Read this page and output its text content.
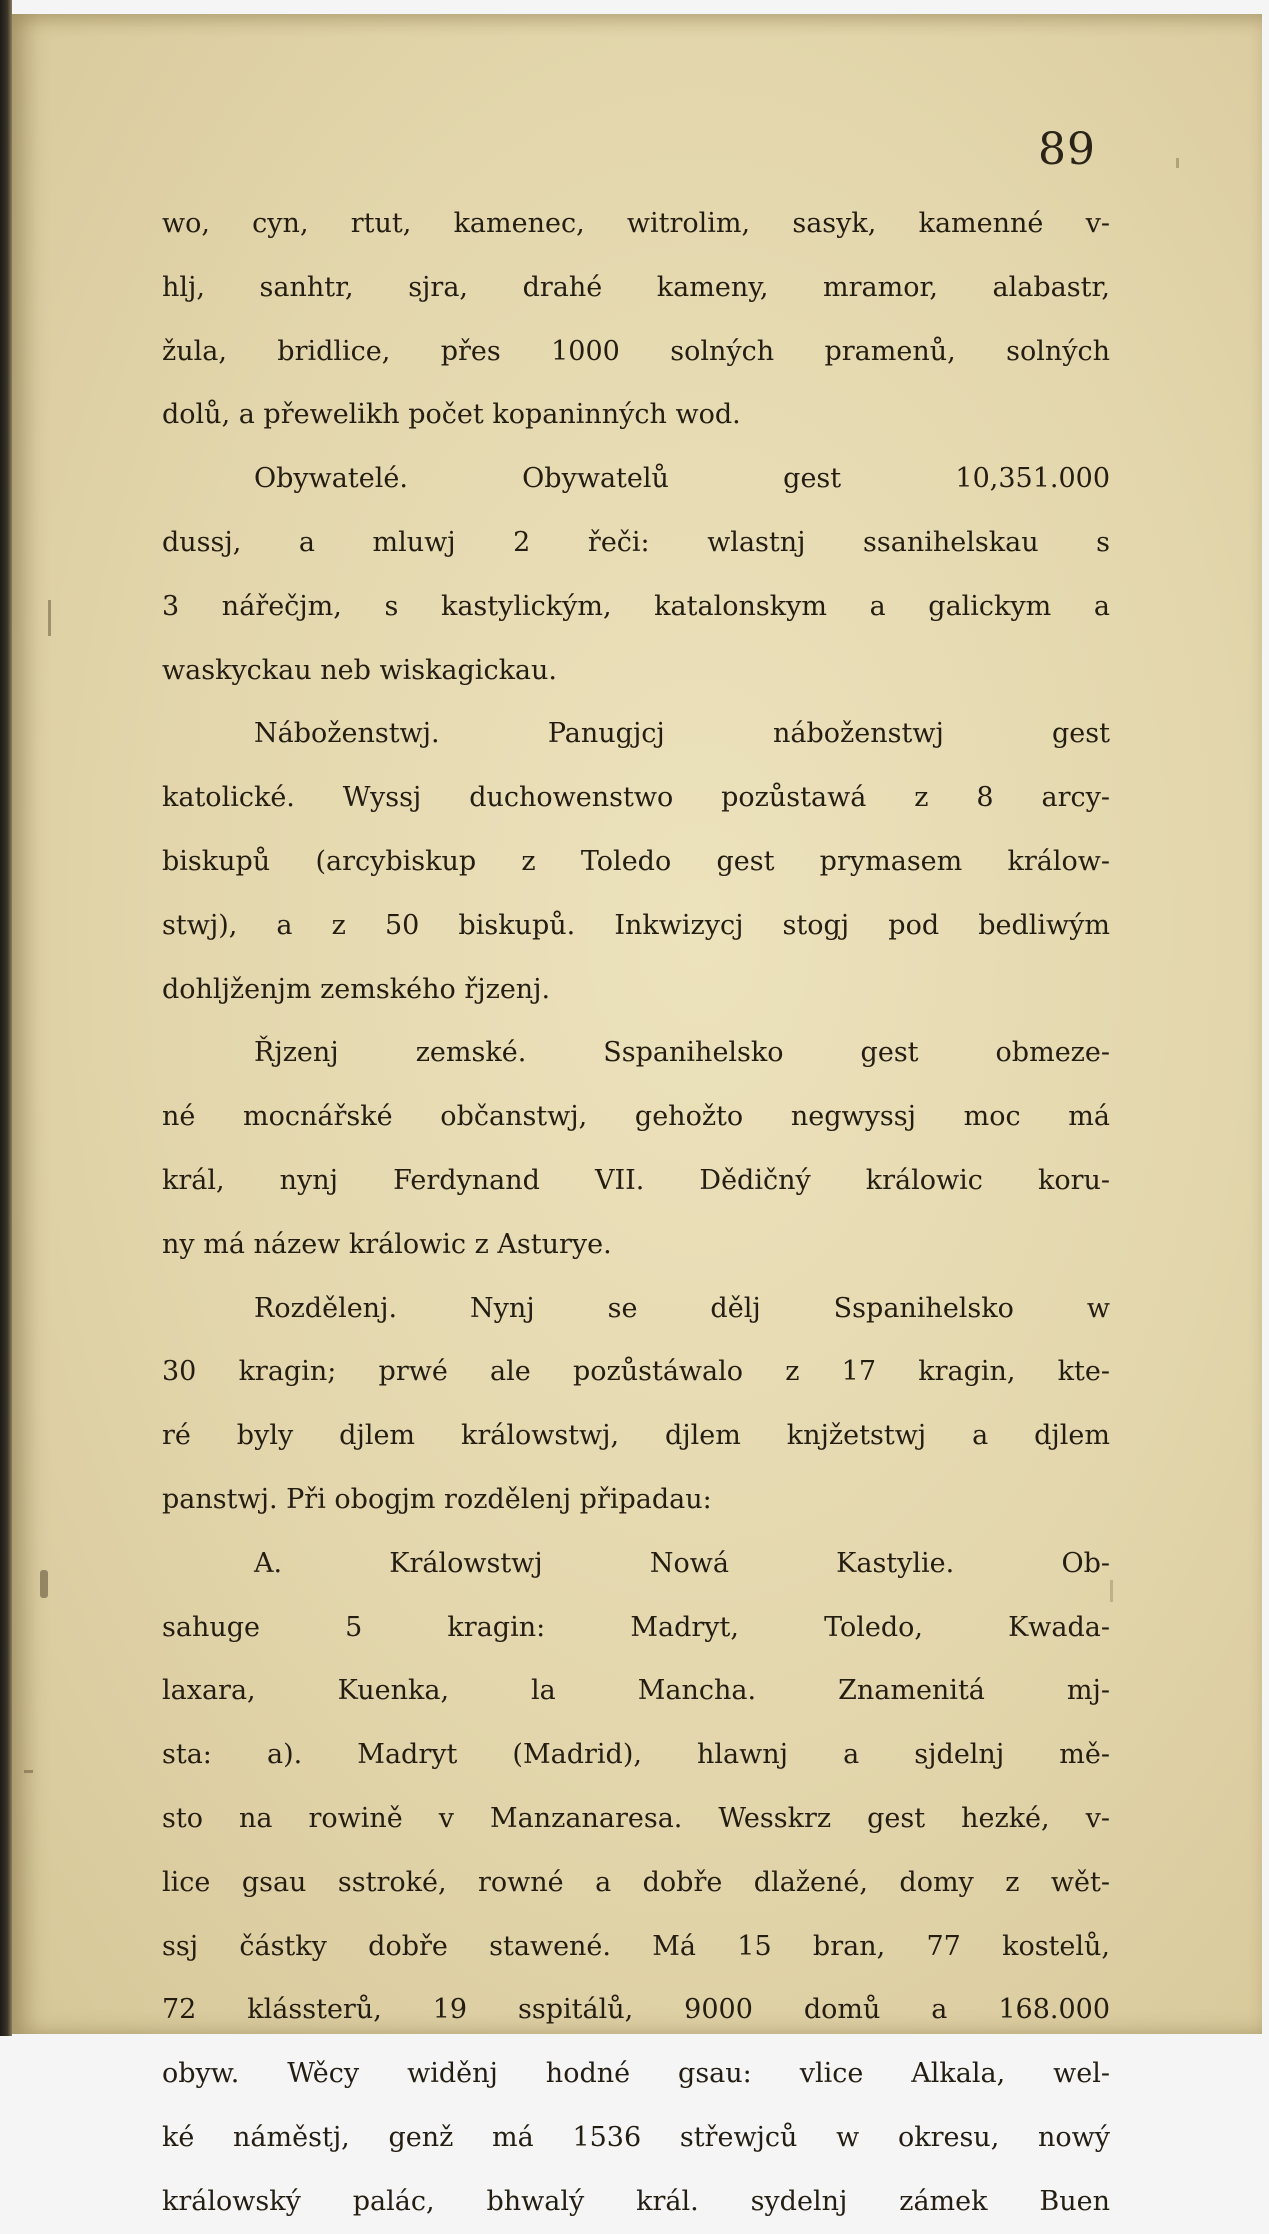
89
wo, cyn, rtut, kamenec, witrolim, sasyk, kamenné v-
hlj, sanhtr, sjra, drahé kameny, mramor, alabastr,
žula, bridlice, přes 1000 solných pramenů, solných
dolů, a přewelikh počet kopaninných wod.
Obywatelé. Obywatelů gest 10,351.000
dussj, a mluwj 2 řeči: wlastnj ssanihelskau s
3 nářečjm, s kastylickým, katalonskym a galickym a
waskyckau neb wiskagickau.
Náboženstwj. Panugjcj náboženstwj gest
katolické. Wyssj duchowenstwo pozůstawá z 8 arcy-
biskupů (arcybiskup z Toledo gest prymasem králow-
stwj), a z 50 biskupů. Inkwizycj stogj pod bedliwým
dohljženjm zemského řjzenj.
Řjzenj zemské. Sspanihelsko gest obmeze-
né mocnářské občanstwj, gehožto negwyssj moc má
král, nynj Ferdynand VII. Dědičný králowic koru-
ny má názew králowic z Asturye.
Rozdělenj. Nynj se dělj Sspanihelsko w
30 kragin; prwé ale pozůstáwalo z 17 kragin, kte-
ré byly djlem králowstwj, djlem knjžetstwj a djlem
panstwj. Při obogjm rozdělenj připadau:
A. Králowstwj Nowá Kastylie. Ob-
sahuge 5 kragin: Madryt, Toledo, Kwada-
laxara, Kuenka, la Mancha. Znamenitá mj-
sta: a). Madryt (Madrid), hlawnj a sjdelnj mě-
sto na rowině v Manzanaresa. Wesskrz gest hezké, v-
lice gsau sstroké, rowné a dobře dlažené, domy z wět-
ssj částky dobře stawené. Má 15 bran, 77 kostelů,
72 klássterů, 19 sspitálů, 9000 domů a 168.000
obyw. Wěcy widěnj hodné gsau: vlice Alkala, wel-
ké náměstj, genž má 1536 střewjců w okresu, nowý
králowský palác, bhwalý král. sydelnj zámek Buen
